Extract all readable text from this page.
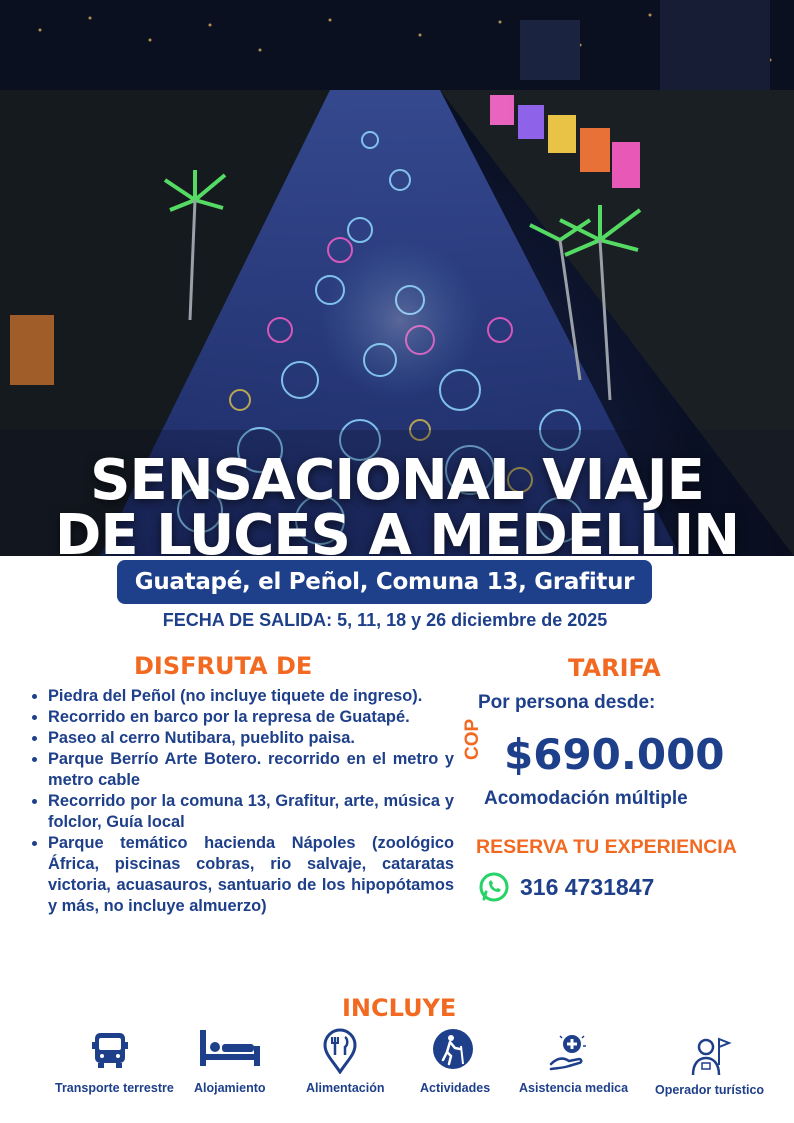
SENSACIONAL VIAJE
DE LUCES A MEDELLIN
Guatapé, el Peñol, Comuna 13, Grafitur
FECHA DE SALIDA: 5, 11, 18 y 26 diciembre de 2025
DISFRUTA DE
• Piedra del Peñol (no incluye tiquete de ingreso).
• Recorrido en barco por la represa de Guatapé.
• Paseo al cerro Nutibara, pueblito paisa.
• Parque Berrío Arte Botero. recorrido en el metro y metro cable
• Recorrido por la comuna 13, Grafitur, arte, música y folclor, Guía local
• Parque temático hacienda Nápoles (zoológico África, piscinas cobras, rio salvaje, cataratas victoria, acuasauros, santuario de los hipopótamos y más, no incluye almuerzo)
TARIFA
Por persona desde:
COP $690.000
Acomodación múltiple
RESERVA TU EXPERIENCIA
316 4731847
INCLUYE
Transporte terrestre Alojamiento	Alimentación	Actividades Asistencia medica Operador turístico
